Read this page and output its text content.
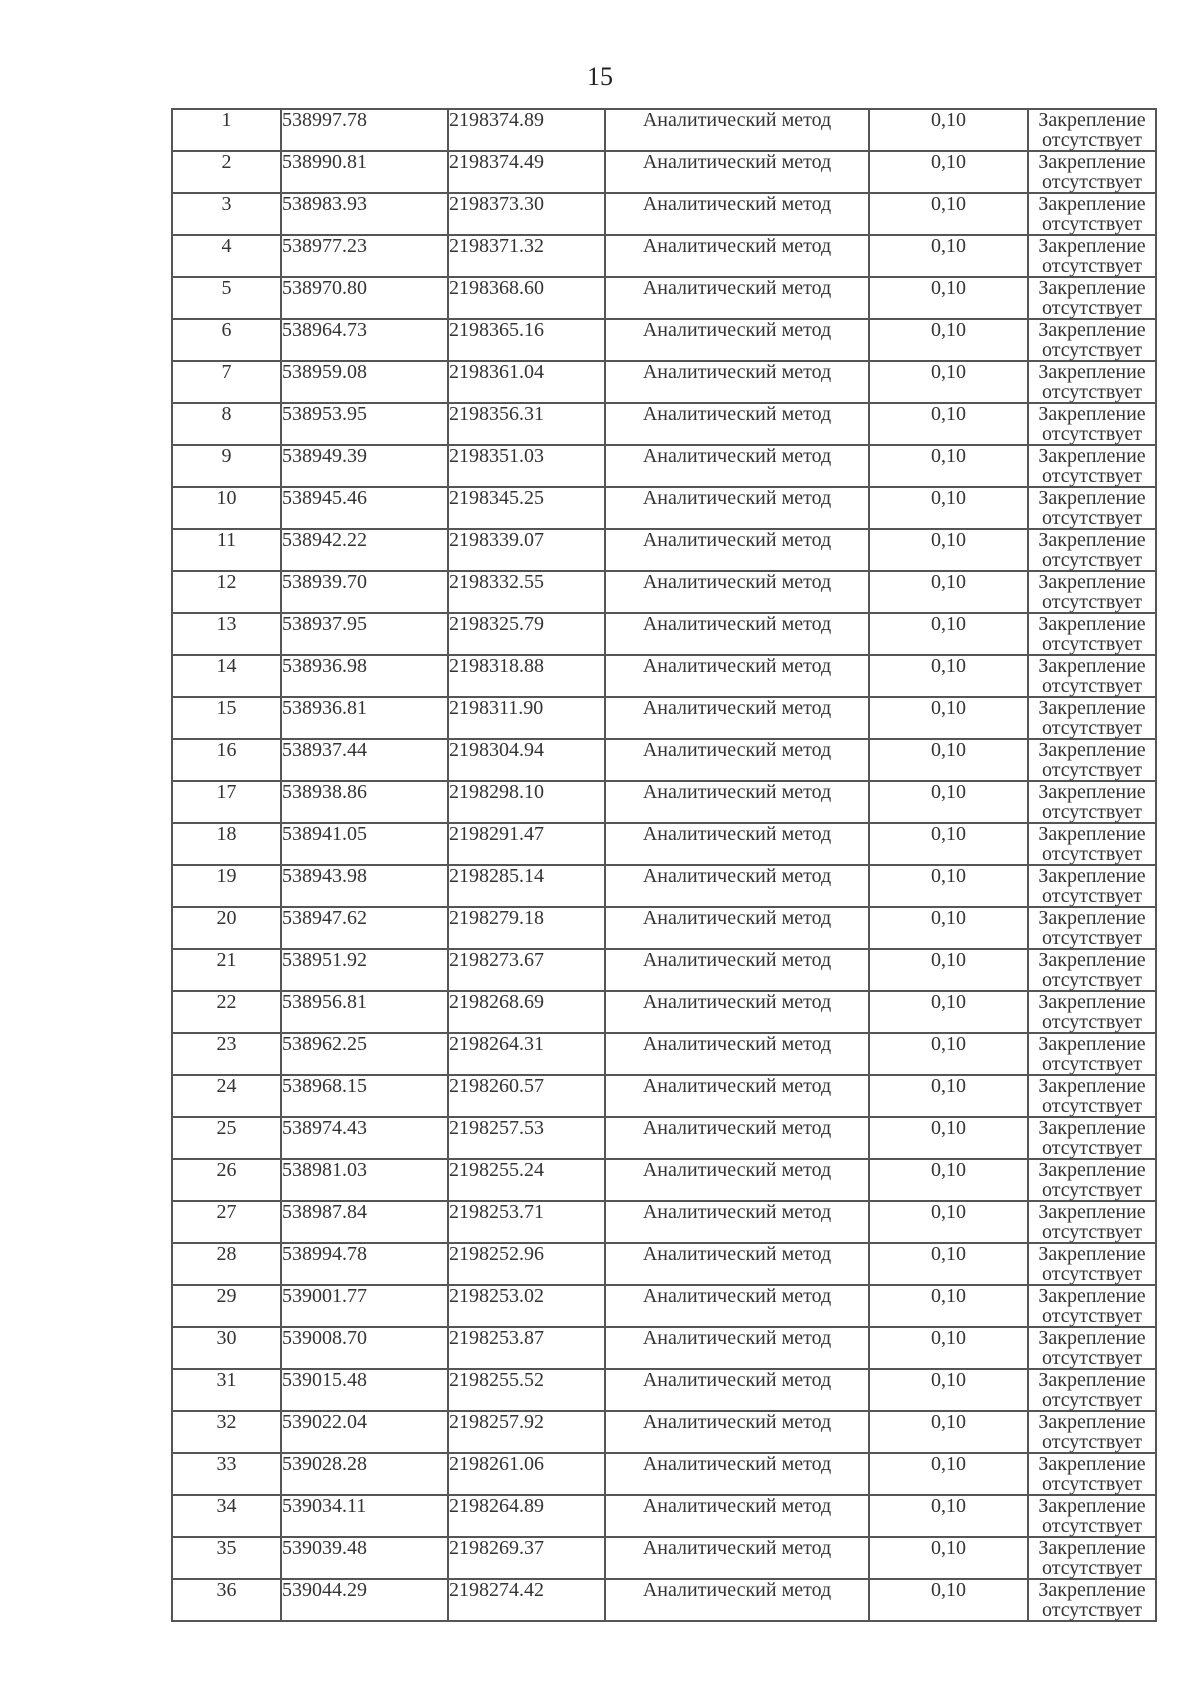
15
1	538997.78	2198374.89	Аналитический метод	0,10	Закрепление
отсутствует

2	538990.81	2198374.49	Аналитический метод	0,10	Закрепление
отсутствует

3	538983.93	2198373.30	Аналитический метод	0,10	Закрепление
отсутствует

4	538977.23	2198371.32	Аналитический метод	0,10	Закрепление
отсутствует

5	538970.80	2198368.60	Аналитический метод	0,10	Закрепление
отсутствует

6	538964.73	2198365.16	Аналитический метод	0,10	Закрепление
отсутствует

7	538959.08	2198361.04	Аналитический метод	0,10	Закрепление
отсутствует

8	538953.95	2198356.31	Аналитический метод	0,10	Закрепление
отсутствует

9	538949.39	2198351.03	Аналитический метод	0,10	Закрепление
отсутствует

10	538945.46	2198345.25	Аналитический метод	0,10	Закрепление
отсутствует

11	538942.22	2198339.07	Аналитический метод	0,10	Закрепление
отсутствует

12	538939.70	2198332.55	Аналитический метод	0,10	Закрепление
отсутствует

13	538937.95	2198325.79	Аналитический метод	0,10	Закрепление
отсутствует

14	538936.98	2198318.88	Аналитический метод	0,10	Закрепление
отсутствует

15	538936.81	2198311.90	Аналитический метод	0,10	Закрепление
отсутствует

16	538937.44	2198304.94	Аналитический метод	0,10	Закрепление
отсутствует

17	538938.86	2198298.10	Аналитический метод	0,10	Закрепление
отсутствует

18	538941.05	2198291.47	Аналитический метод	0,10	Закрепление
отсутствует

19	538943.98	2198285.14	Аналитический метод	0,10	Закрепление
отсутствует

20	538947.62	2198279.18	Аналитический метод	0,10	Закрепление
отсутствует

21	538951.92	2198273.67	Аналитический метод	0,10	Закрепление
отсутствует

22	538956.81	2198268.69	Аналитический метод	0,10	Закрепление
отсутствует

23	538962.25	2198264.31	Аналитический метод	0,10	Закрепление
отсутствует

24	538968.15	2198260.57	Аналитический метод	0,10	Закрепление
отсутствует

25	538974.43	2198257.53	Аналитический метод	0,10	Закрепление
отсутствует

26	538981.03	2198255.24	Аналитический метод	0,10	Закрепление
отсутствует

27	538987.84	2198253.71	Аналитический метод	0,10	Закрепление
отсутствует

28	538994.78	2198252.96	Аналитический метод	0,10	Закрепление
отсутствует

29	539001.77	2198253.02	Аналитический метод	0,10	Закрепление
отсутствует

30	539008.70	2198253.87	Аналитический метод	0,10	Закрепление
отсутствует

31	539015.48	2198255.52	Аналитический метод	0,10	Закрепление
отсутствует

32	539022.04	2198257.92	Аналитический метод	0,10	Закрепление
отсутствует

33	539028.28	2198261.06	Аналитический метод	0,10	Закрепление
отсутствует

34	539034.11	2198264.89	Аналитический метод	0,10	Закрепление
отсутствует

35	539039.48	2198269.37	Аналитический метод	0,10	Закрепление
отсутствует

36	539044.29	2198274.42	Аналитический метод	0,10	Закрепление
отсутствует
